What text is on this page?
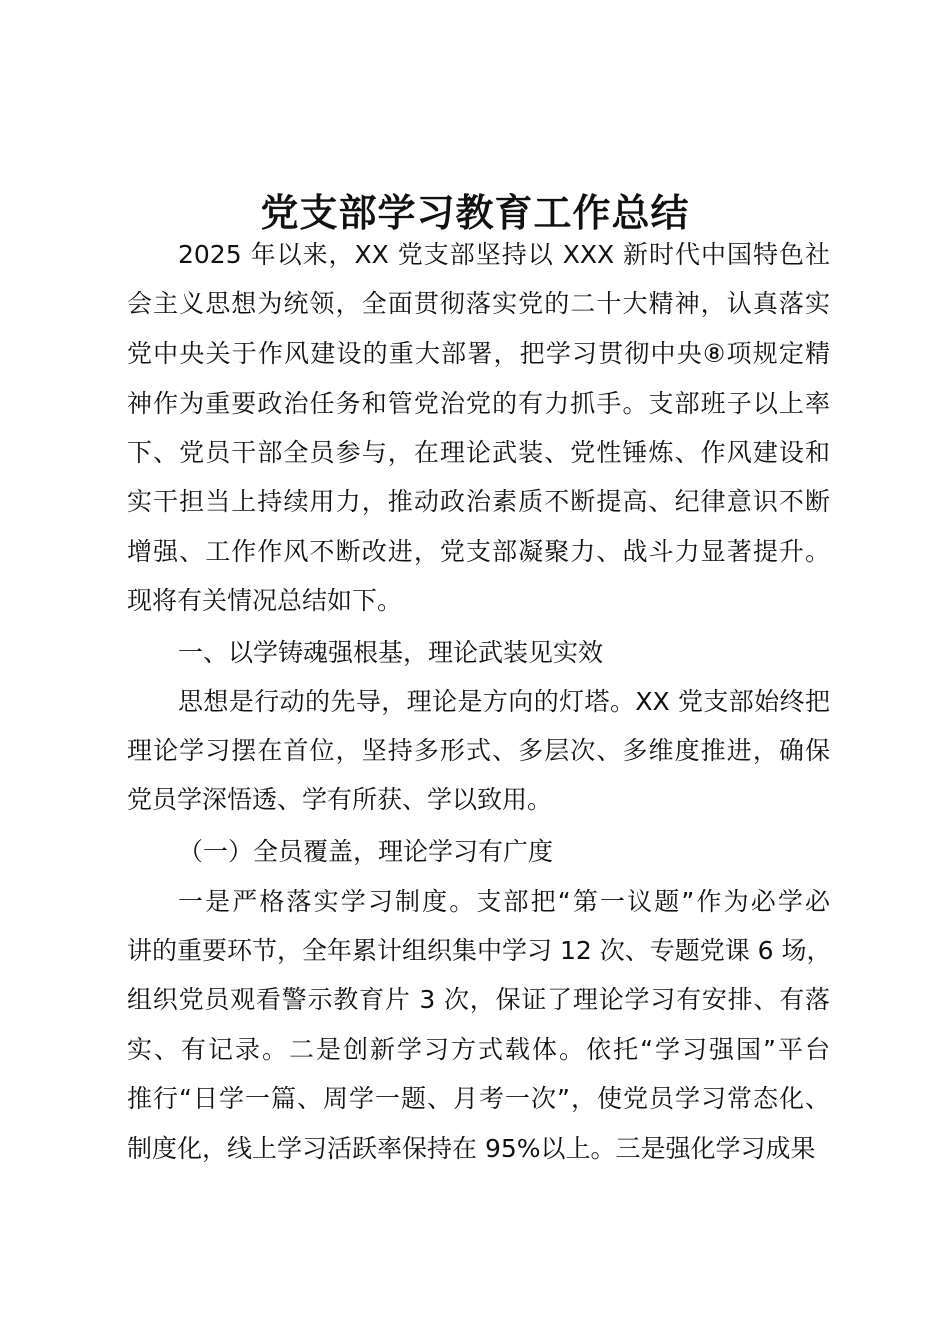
党支部学习教育工作总结
2025 年以来，XX 党支部坚持以 XXX 新时代中国特色社
会主义思想为统领，全面贯彻落实党的二十大精神，认真落实
党中央关于作风建设的重大部署，把学习贯彻中央⑧项规定精
神作为重要政治任务和管党治党的有力抓手。支部班子以上率
下、党员干部全员参与，在理论武装、党性锤炼、作风建设和
实干担当上持续用力，推动政治素质不断提高、纪律意识不断
增强、工作作风不断改进，党支部凝聚力、战斗力显著提升。
现将有关情况总结如下。
一、以学铸魂强根基，理论武装见实效
思想是行动的先导，理论是方向的灯塔。XX 党支部始终把
理论学习摆在首位，坚持多形式、多层次、多维度推进，确保
党员学深悟透、学有所获、学以致用。
（一）全员覆盖，理论学习有广度
一是严格落实学习制度。支部把“第一议题”作为必学必
讲的重要环节，全年累计组织集中学习 12 次、专题党课 6 场，
组织党员观看警示教育片 3 次，保证了理论学习有安排、有落
实、有记录。二是创新学习方式载体。依托“学习强国”平台
推行“日学一篇、周学一题、月考一次”，使党员学习常态化、
制度化，线上学习活跃率保持在 95%以上。三是强化学习成果
